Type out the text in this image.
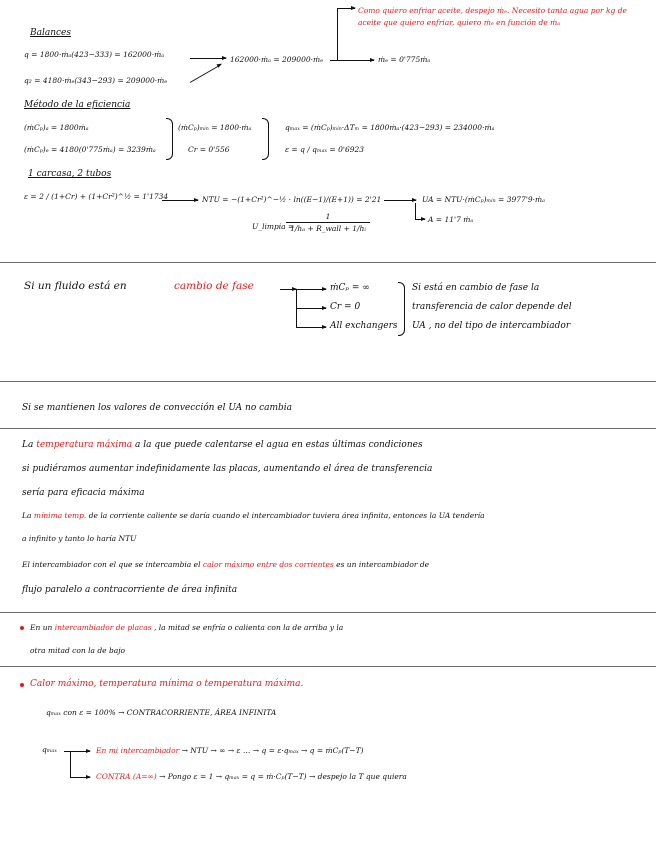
Balances
q = 1800·ṁₐ(423−333) = 162000·ṁₐ
q₂ = 4180·ṁₑ(343−293) = 209000·ṁₑ
162000·ṁₐ = 209000·ṁₑ
Como quiero enfriar aceite, despejo ṁₑ. Necesito tanta agua por kg de aceite que quiero enfriar, quiero ṁₑ en función de ṁₐ
ṁₑ = 0'775ṁₐ
Método de la eficiencia
(ṁCₚ)ₐ = 1800ṁₐ
(ṁCₚ)ₑ = 4180(0'775ṁₐ) = 3239ṁₐ
(ṁCₚ)ₘᵢₙ = 1800·ṁₐ
Cr = 0'556
qₘₐₓ = (ṁCₚ)ₘᵢₙ·ΔTₘ = 1800ṁₐ·(423−293) = 234000·ṁₐ
ε = q / qₘₐₓ = 0'6923
1 carcasa, 2 tubos
ε = 2 / (1+Cr) + (1+Cr²)^½ = 1'1734	NTU = −(1+Cr²)^−½ · ln((E−1)/(E+1)) = 2'21	UA = NTU·(ṁCₚ)ₘᵢₙ = 3977'9·ṁₐ
A = 11'7 ṁₐ
U_limpia =
1
1/hₐ + R_wall + 1/hᵢ
Si un fluido está en	cambio de fase	ṁCₚ = ∞
Cr = 0
All exchangers
Si está en cambio de fase la
transferencia de calor depende del
UA , no del tipo de intercambiador
Si se mantienen los valores de convección el UA no cambia
La temperatura máxima a la que puede calentarse el agua en estas últimas condiciones
si pudiéramos aumentar indefinidamente las placas, aumentando el área de transferencia
sería para eficacia máxima
La mínima temp. de la corriente caliente se daría cuando el intercambiador tuviera área infinita, entonces la UA tendería
a infinito y tanto lo haría NTU
El intercambiador con el que se intercambia el calor máximo entre dos corrientes es un intercambiador de
flujo paralelo a contracorriente de área infinita
En un intercambiador de placas , la mitad se enfría o calienta con la de arriba y la
otra mitad con la de bajo
Calor máximo, temperatura mínima o temperatura máxima.
qₘₐₓ con ε = 100% → CONTRACORRIENTE, ÁREA INFINITA
qₘₐₓ	En mi intercambiador → NTU → ∞ → ε … → q = ε·qₘₐₓ → q = ṁCₚ(T−T)
CONTRA (A=∞) → Pongo ε = 1 → qₘₐₓ = q = ṁ·Cₚ(T−T) → despejo la T que quiera
